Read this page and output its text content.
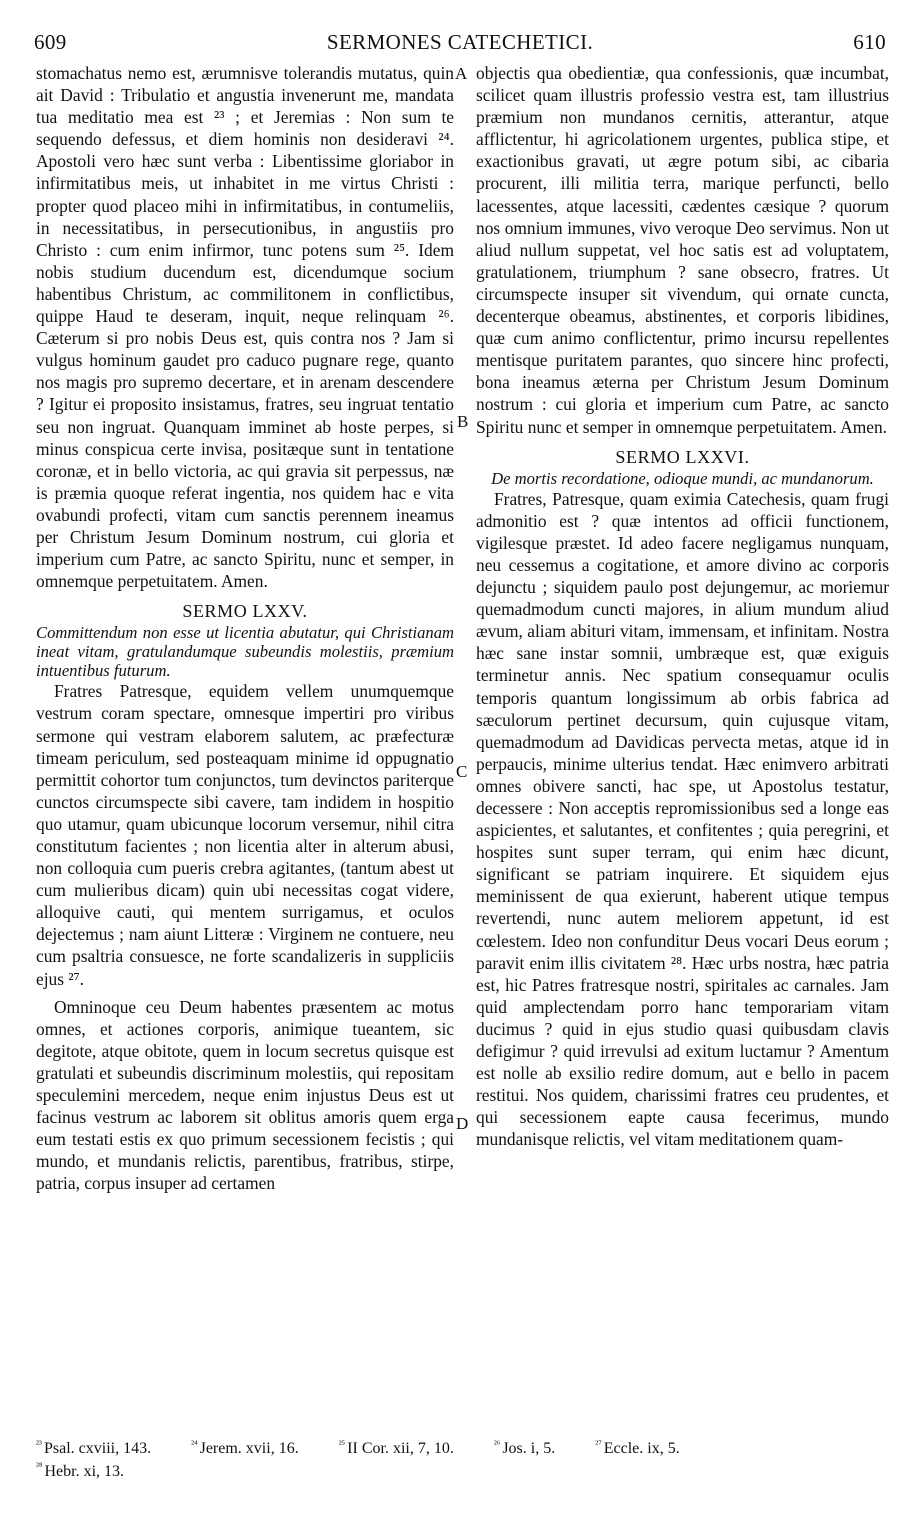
609	SERMONES CATECHETICI.	610

stomachatus nemo est, ærumnisve tolerandis mutatus, quin ait David : Tribulatio et angustia invenerunt me, mandata tua meditatio mea est ²³ ; et Jeremias : Non sum te sequendo defessus, et diem hominis non desideravi ²⁴. Apostoli vero hæc sunt verba : Libentissime gloriabor in infirmitatibus meis, ut inhabitet in me virtus Christi : propter quod placeo mihi in infirmitatibus, in contumeliis, in necessitatibus, in persecutionibus, in angustiis pro Christo : cum enim infirmor, tunc potens sum ²⁵. Idem nobis studium ducendum est, dicendumque socium habentibus Christum, ac commilitonem in conflictibus, quippe Haud te deseram, inquit, neque relinquam ²⁶. Cæterum si pro nobis Deus est, quis contra nos ? Jam si vulgus hominum gaudet pro caduco pugnare rege, quanto nos magis pro supremo decertare, et in arenam descendere ? Igitur ei proposito insistamus, fratres, seu ingruat tentatio seu non ingruat. Quanquam imminet ab hoste perpes, si minus conspicua certe invisa, positæque sunt in tentatione coronæ, et in bello victoria, ac qui gravia sit perpessus, næ is præmia quoque referat ingentia, nos quidem hac e vita ovabundi profecti, vitam cum sanctis perennem ineamus per Christum Jesum Dominum nostrum, cui gloria et imperium cum Patre, ac sancto Spiritu, nunc et semper, in omnemque perpetuitatem. Amen.

SERMO LXXV.

Committendum non esse ut licentia abutatur, qui Christianam ineat vitam, gratulandumque subeundis molestiis, præmium intuentibus futurum.

Fratres Patresque, equidem vellem unumquemque vestrum coram spectare, omnesque impertiri pro viribus sermone qui vestram elaborem salutem, ac præfecturæ timeam periculum, sed posteaquam minime id oppugnatio permittit cohortor tum conjunctos, tum devinctos pariterque cunctos circumspecte sibi cavere, tam indidem in hospitio quo utamur, quam ubicunque locorum versemur, nihil citra constitutum facientes ; non licentia alter in alterum abusi, non colloquia cum pueris crebra agitantes, (tantum abest ut cum mulieribus dicam) quin ubi necessitas cogat videre, alloquive cauti, qui mentem surrigamus, et oculos dejectemus ; nam aiunt Litteræ : Virginem ne contuere, neu cum psaltria consuesce, ne forte scandalizeris in suppliciis ejus ²⁷.

Omninoque ceu Deum habentes præsentem ac motus omnes, et actiones corporis, animique tueantem, sic degitote, atque obitote, quem in locum secretus quisque est gratulati et subeundis discriminum molestiis, qui repositam speculemini mercedem, neque enim injustus Deus est ut facinus vestrum ac laborem sit oblitus amoris quem erga eum testati estis ex quo primum secessionem fecistis ; qui mundo, et mundanis relictis, parentibus, fratribus, stirpe, patria, corpus insuper ad certamen

objectis qua obedientiæ, qua confessionis, quæ incumbat, scilicet quam illustris professio vestra est, tam illustrius præmium non mundanos cernitis, atterantur, atque afflictentur, hi agricolationem urgentes, publica stipe, et exactionibus gravati, ut ægre potum sibi, ac cibaria procurent, illi militia terra, marique perfuncti, bello lacessentes, atque lacessiti, cædentes cæsique ? quorum nos omnium immunes, vivo veroque Deo servimus. Non ut aliud nullum suppetat, vel hoc satis est ad voluptatem, gratulationem, triumphum ? sane obsecro, fratres. Ut circumspecte insuper sit vivendum, qui ornate cuncta, decenterque obeamus, abstinentes, et corporis libidines, quæ cum animo conflictentur, primo incursu repellentes mentisque puritatem parantes, quo sincere hinc profecti, bona ineamus æterna per Christum Jesum Dominum nostrum : cui gloria et imperium cum Patre, ac sancto Spiritu nunc et semper in omnemque perpetuitatem. Amen.

SERMO LXXVI.

De mortis recordatione, odioque mundi, ac mundanorum.

Fratres, Patresque, quam eximia Catechesis, quam frugi admonitio est ? quæ intentos ad officii functionem, vigilesque præstet. Id adeo facere negligamus nunquam, neu cessemus a cogitatione, et amore divino ac corporis dejunctu ; siquidem paulo post dejungemur, ac moriemur quemadmodum cuncti majores, in alium mundum aliud ævum, aliam abituri vitam, immensam, et infinitam. Nostra hæc sane instar somnii, umbræque est, quæ exiguis terminetur annis. Nec spatium consequamur oculis temporis quantum longissimum ab orbis fabrica ad sæculorum pertinet decursum, quin cujusque vitam, quemadmodum ad Davidicas pervecta metas, atque id in perpaucis, minime ulterius tendat. Hæc enimvero arbitrati omnes obivere sancti, hac spe, ut Apostolus testatur, decessere : Non acceptis repromissionibus sed a longe eas aspicientes, et salutantes, et confitentes ; quia peregrini, et hospites sunt super terram, qui enim hæc dicunt, significant se patriam inquirere. Et siquidem ejus meminissent de qua exierunt, haberent utique tempus revertendi, nunc autem meliorem appetunt, id est cœlestem. Ideo non confunditur Deus vocari Deus eorum ; paravit enim illis civitatem ²⁸. Hæc urbs nostra, hæc patria est, hic Patres fratresque nostri, spiritales ac carnales. Jam quid amplectendam porro hanc temporariam vitam ducimus ? quid in ejus studio quasi quibusdam clavis defigimur ? quid irrevulsi ad exitum luctamur ? Amentum est nolle ab exsilio redire domum, aut e bello in pacem restitui. Nos quidem, charissimi fratres ceu prudentes, et qui secessionem eapte causa fecerimus, mundo mundanisque relictis, vel vitam meditationem quam-

A
B
C
D

$^{^{23}}$ Psal. cxviii, 143.	$^{^{24}}$ Jerem. xvii, 16.	$^{^{25}}$ II Cor. xii, 7, 10.	$^{^{26}}$ Jos. i, 5.	$^{^{27}}$ Eccle. ix, 5.

$^{^{28}}$ Hebr. xi, 13.
